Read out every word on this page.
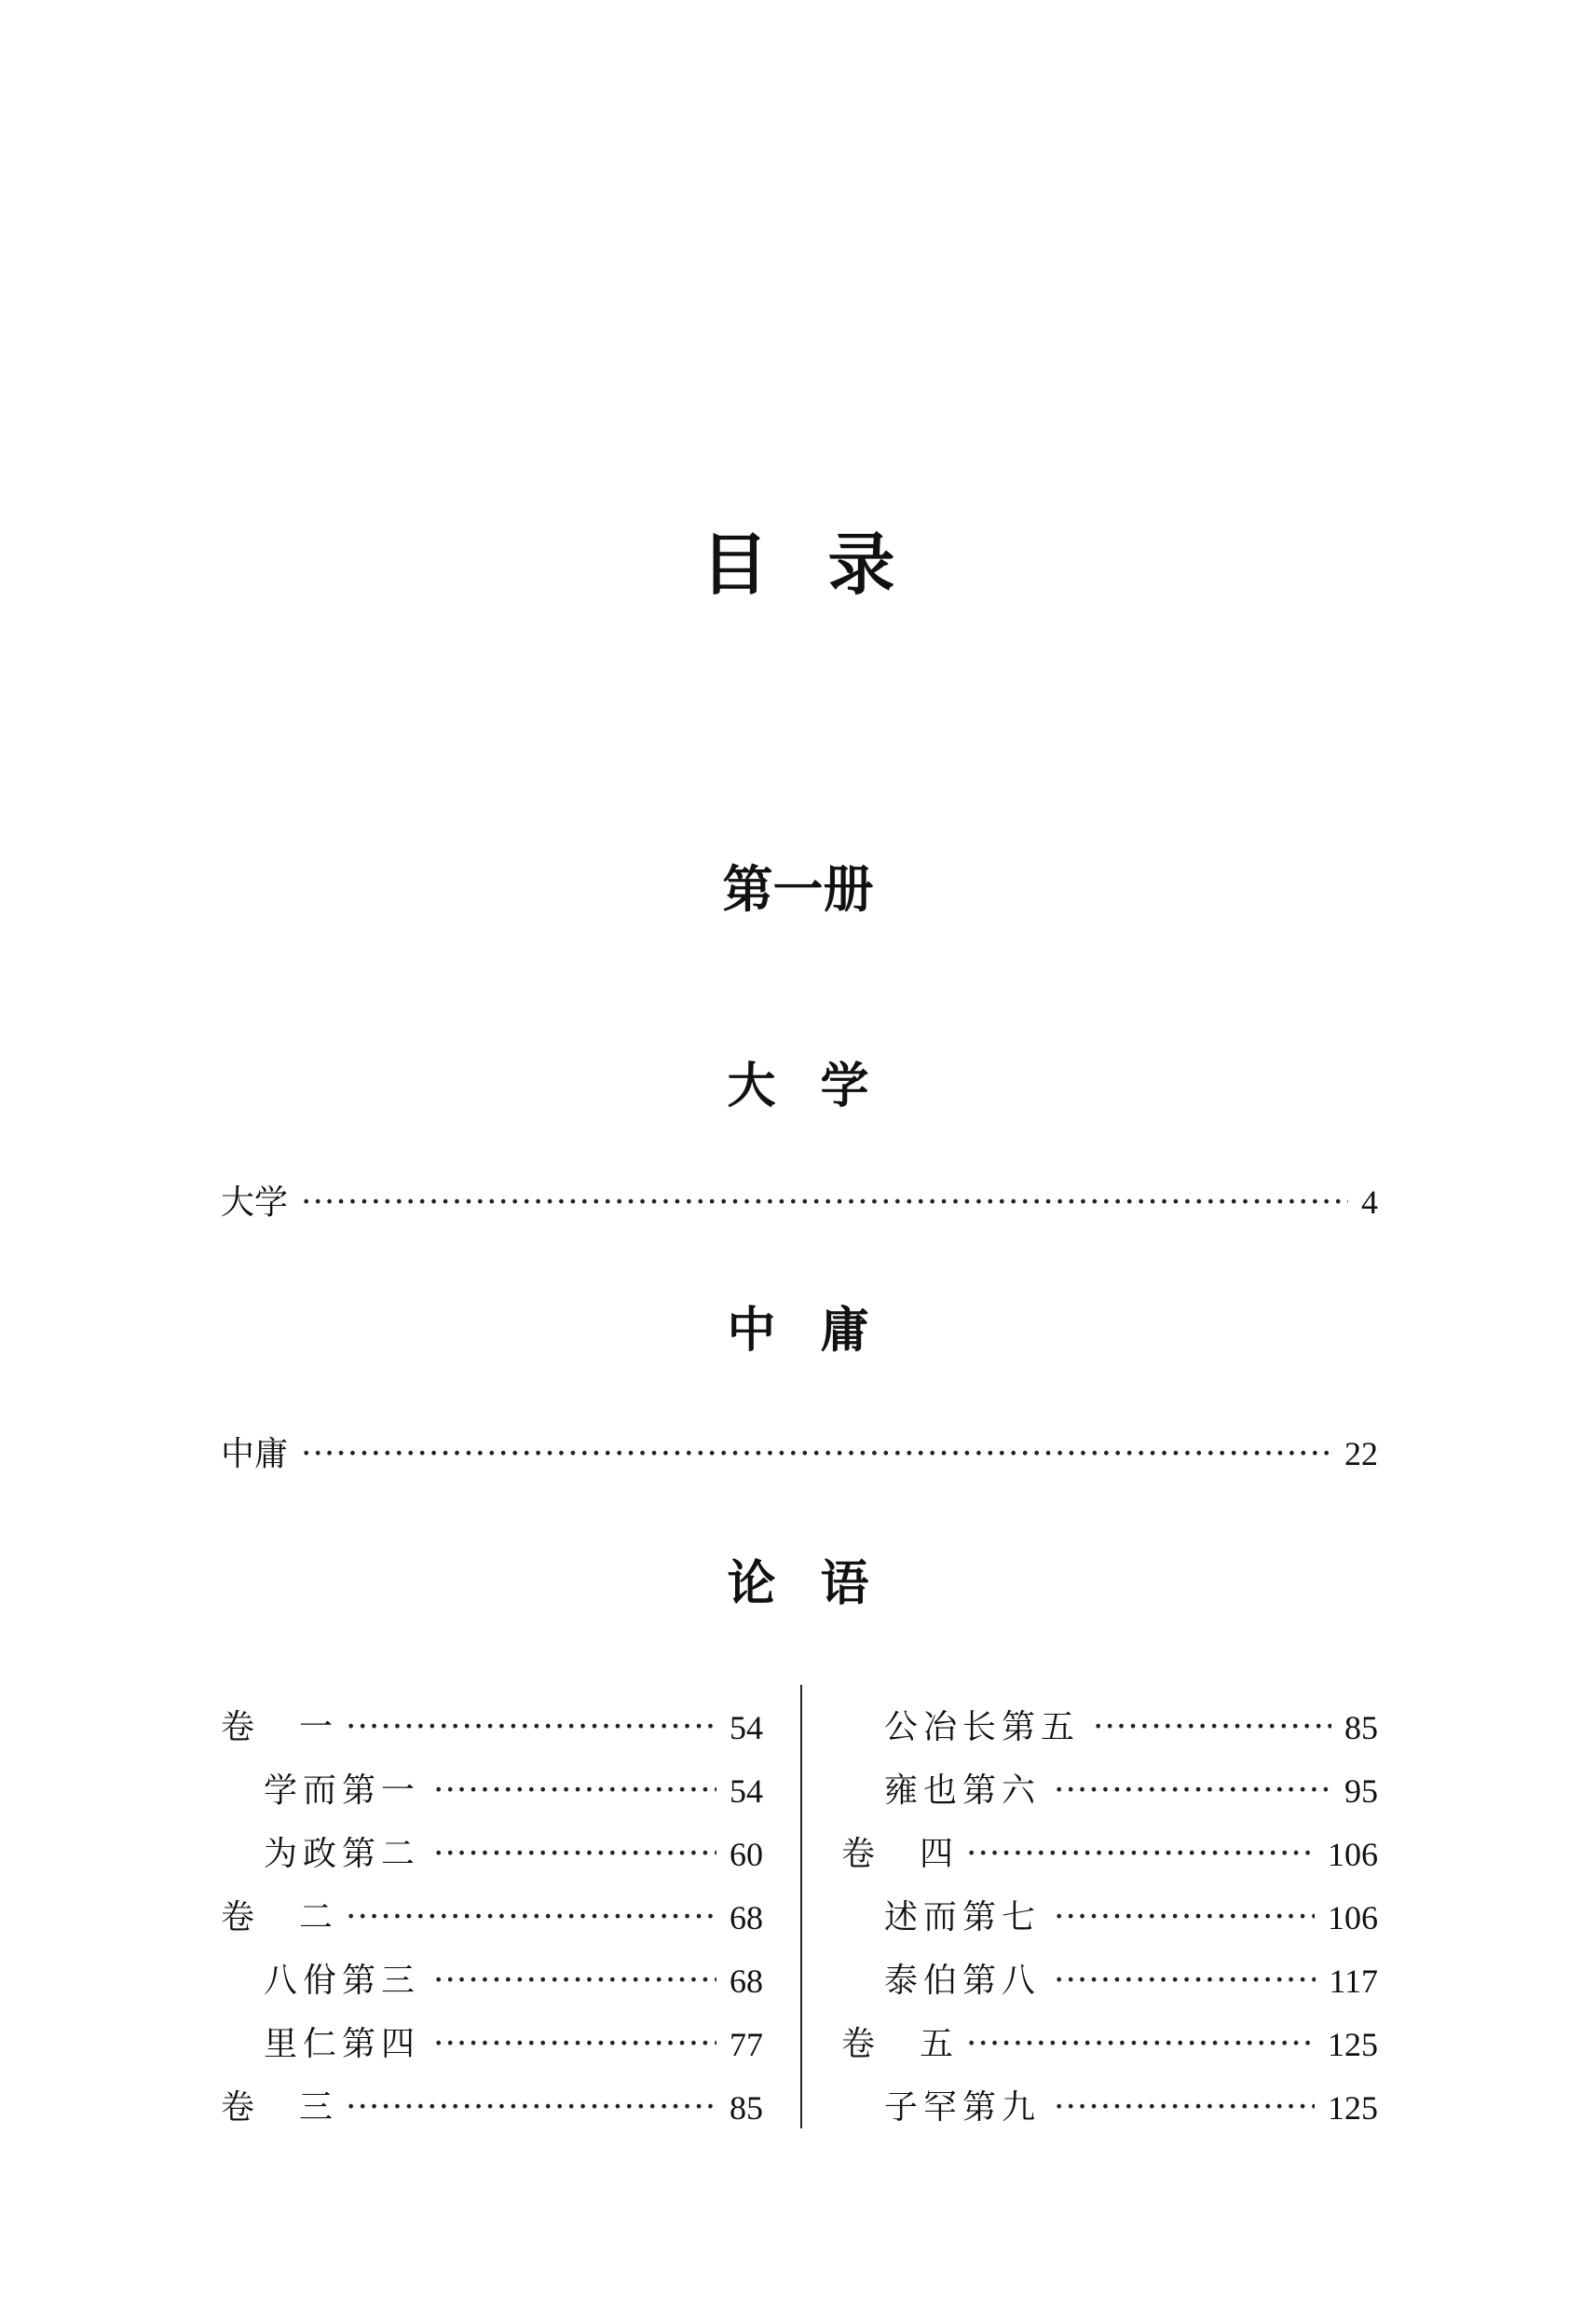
目录
第一册
大学
大学 ·····	4
中庸
中庸 ·····	22
论语
卷 一 ·····	54
学而第一 ·····	54
为政第二 ·····	60
卷 二 ·····	68
八佾第三 ·····	68
里仁第四 ·····	77
卷 三 ·····	85
公冶长第五 ·····	85
雍也第六 ·····	95
卷 四 ·····	106
述而第七 ·····	106
泰伯第八 ·····	117
卷 五 ·····	125
子罕第九 ·····	125
